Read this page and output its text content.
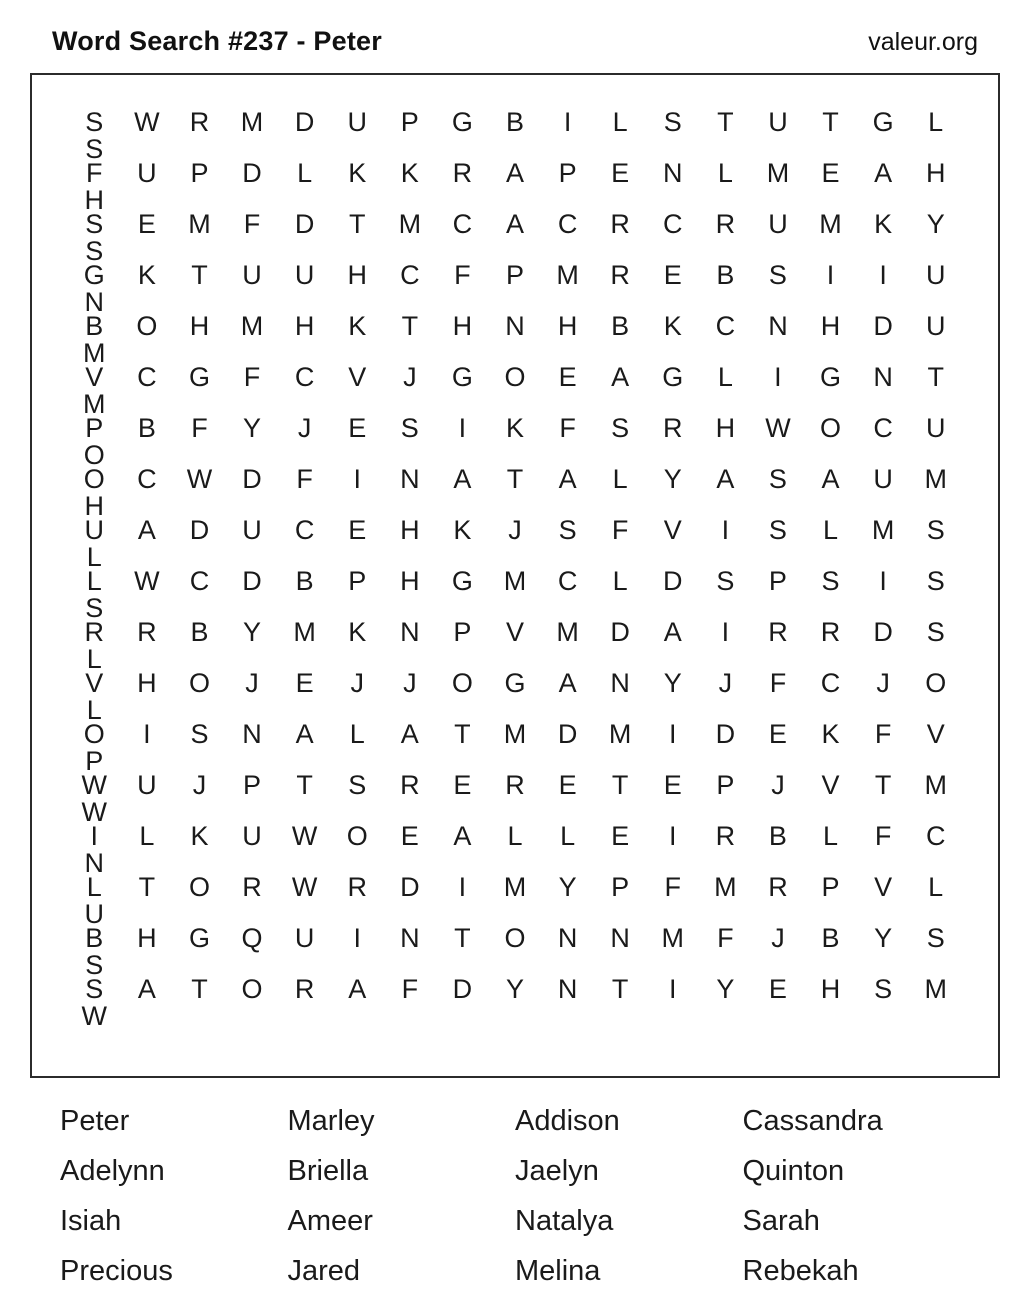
Word Search #237 - Peter	valeur.org
S	W	R	M	D	U	P	G	B	I	L	S	T	U	T	G	L
S
F	U	P	D	L	K	K	R	A	P	E	N	L	M	E	A	H
H
S	E	M	F	D	T	M	C	A	C	R	C	R	U	M	K	Y
S
G	K	T	U	U	H	C	F	P	M	R	E	B	S	I	I	U
N
B	O	H	M	H	K	T	H	N	H	B	K	C	N	H	D	U
M
V	C	G	F	C	V	J	G	O	E	A	G	L	I	G	N	T
M
P	B	F	Y	J	E	S	I	K	F	S	R	H	W	O	C	U
O
O	C	W	D	F	I	N	A	T	A	L	Y	A	S	A	U	M
H
U	A	D	U	C	E	H	K	J	S	F	V	I	S	L	M	S
L
L	W	C	D	B	P	H	G	M	C	L	D	S	P	S	I	S
S
R	R	B	Y	M	K	N	P	V	M	D	A	I	R	R	D	S
L
V	H	O	J	E	J	J	O	G	A	N	Y	J	F	C	J	O
L
O	I	S	N	A	L	A	T	M	D	M	I	D	E	K	F	V
P
W	U	J	P	T	S	R	E	R	E	T	E	P	J	V	T	M
W
I	L	K	U	W	O	E	A	L	L	E	I	R	B	L	F	C
N
L	T	O	R	W	R	D	I	M	Y	P	F	M	R	P	V	L
U
B	H	G	Q	U	I	N	T	O	N	N	M	F	J	B	Y	S
S
S	A	T	O	R	A	F	D	Y	N	T	I	Y	E	H	S	M
W
Peter	Marley	Addison	Cassandra
Adelynn	Briella	Jaelyn	Quinton
Isiah	Ameer	Natalya	Sarah
Precious	Jared	Melina	Rebekah
